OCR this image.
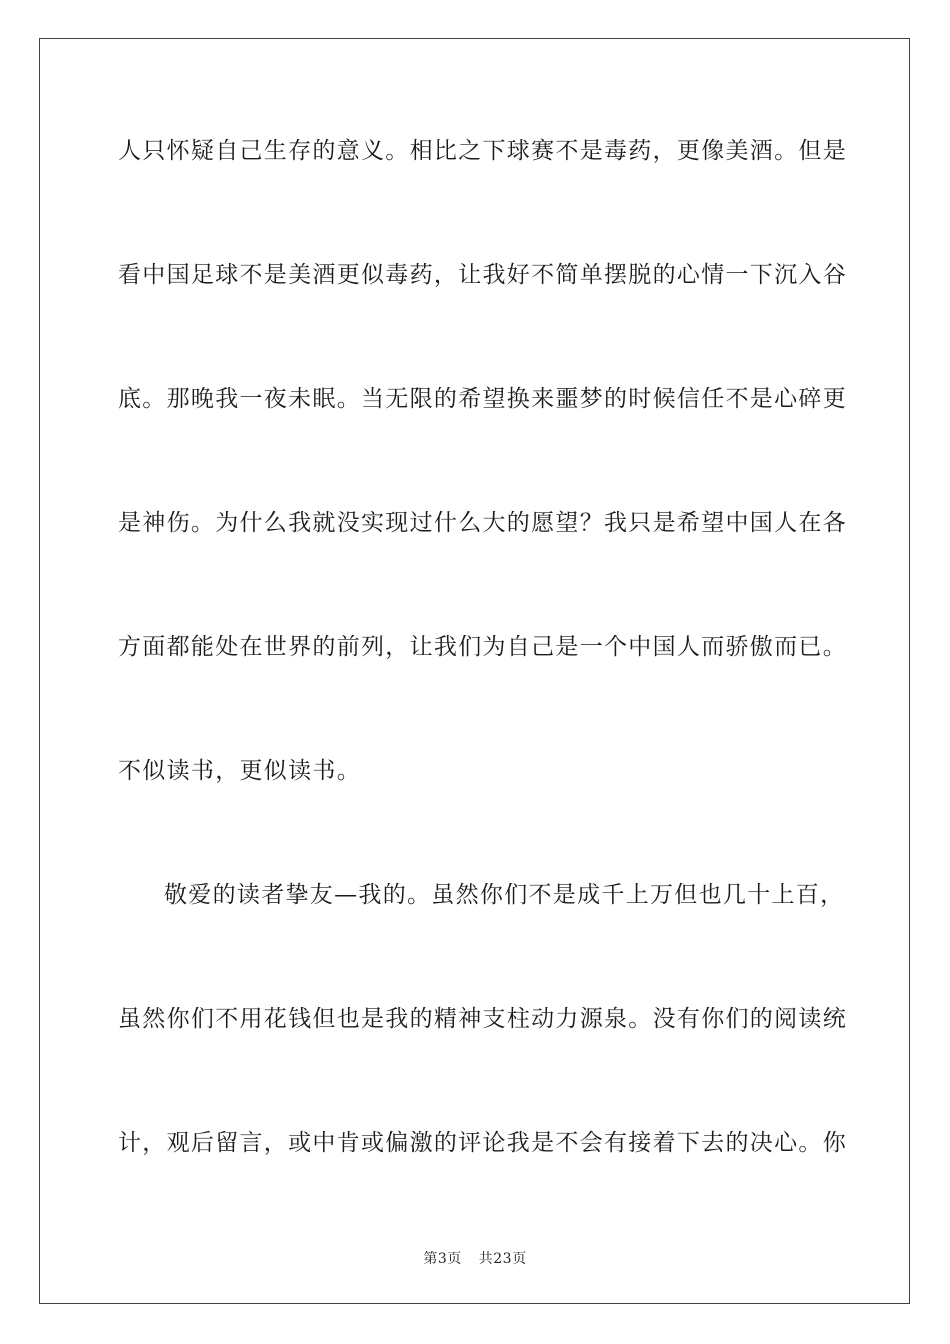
人只怀疑自己生存的意义。相比之下球赛不是毒药，更像美酒。但是
看中国足球不是美酒更似毒药，让我好不简单摆脱的心情一下沉入谷
底。那晚我一夜未眠。当无限的希望换来噩梦的时候信任不是心碎更
是神伤。为什么我就没实现过什么大的愿望？我只是希望中国人在各
方面都能处在世界的前列，让我们为自己是一个中国人而骄傲而已。
不似读书，更似读书。
敬爱的读者挚友—我的。虽然你们不是成千上万但也几十上百，
虽然你们不用花钱但也是我的精神支柱动力源泉。没有你们的阅读统
计，观后留言，或中肯或偏激的评论我是不会有接着下去的决心。你
第3页 共23页
